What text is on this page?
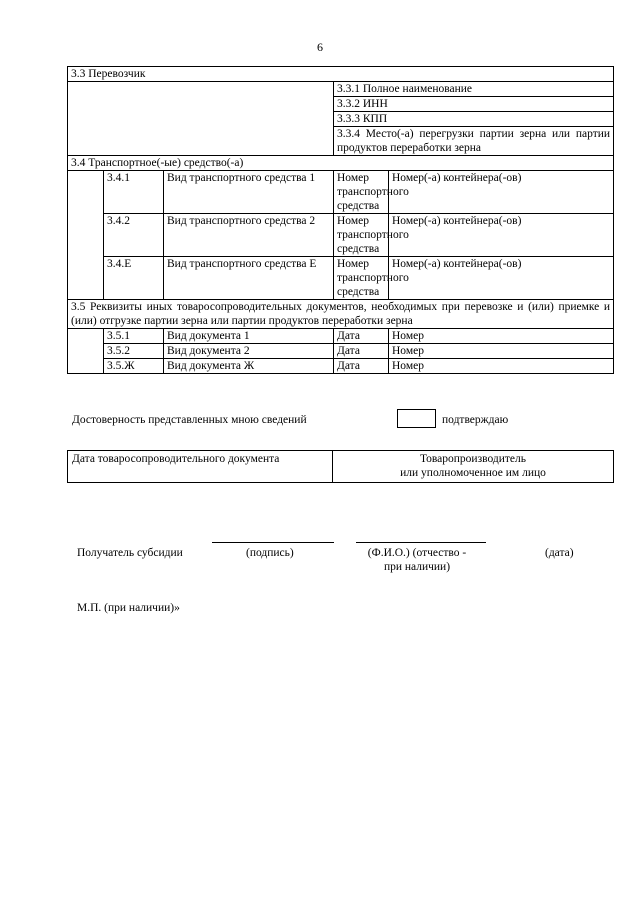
6
3.3 Перевозчик				
			3.3.1 Полное наименование	
			3.3.2 ИНН	
			3.3.3 КПП	
			3.3.4 Место(-а) перегрузки партии зерна или партии продуктов переработки зерна	
3.4 Транспортное(-ые) средство(-а)				
	3.4.1	Вид транспортного средства 1	Номер транспортного средства	Номер(-а) контейнера(-ов)
	3.4.2	Вид транспортного средства 2	Номер транспортного средства	Номер(-а) контейнера(-ов)
	3.4.Е	Вид транспортного средства Е	Номер транспортного средства	Номер(-а) контейнера(-ов)
3.5 Реквизиты иных товаросопроводительных документов, необходимых при перевозке и (или) приемке и (или) отгрузке партии зерна или партии продуктов переработки зерна				
	3.5.1	Вид документа 1	Дата	Номер
	3.5.2	Вид документа 2	Дата	Номер
	3.5.Ж	Вид документа Ж	Дата	Номер
Достоверность представленных мною сведений	подтверждаю
Дата товаросопроводительного документа	Товаропроизводитель
или уполномоченное им лицо
Получатель субсидии	(подпись)	(Ф.И.О.) (отчество -
при наличии)
(дата)
М.П. (при наличии)»
